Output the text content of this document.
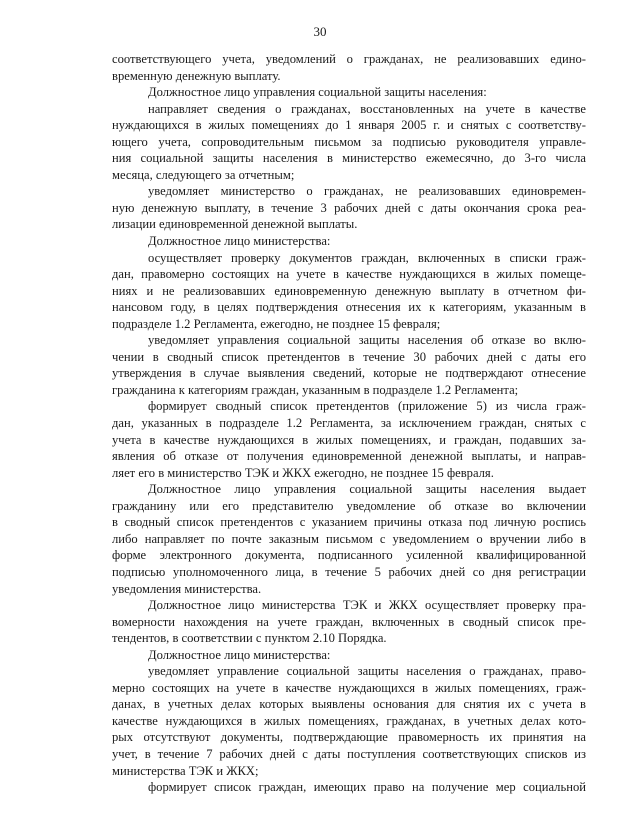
30
соответствующего учета, уведомлений о гражданах, не реализовавших едино-
временную денежную выплату.
Должностное лицо управления социальной защиты населения:
направляет сведения о гражданах, восстановленных на учете в качестве
нуждающихся в жилых помещениях до 1 января 2005 г. и снятых с соответству-
ющего учета, сопроводительным письмом за подписью руководителя управле-
ния социальной защиты населения в министерство ежемесячно, до 3-го числа
месяца, следующего за отчетным;
уведомляет министерство о гражданах, не реализовавших единовремен-
ную денежную выплату, в течение 3 рабочих дней с даты окончания срока реа-
лизации единовременной денежной выплаты.
Должностное лицо министерства:
осуществляет проверку документов граждан, включенных в списки граж-
дан, правомерно состоящих на учете в качестве нуждающихся в жилых помеще-
ниях и не реализовавших единовременную денежную выплату в отчетном фи-
нансовом году, в целях подтверждения отнесения их к категориям, указанным в
подразделе 1.2 Регламента, ежегодно, не позднее 15 февраля;
уведомляет управления социальной защиты населения об отказе во вклю-
чении в сводный список претендентов в течение 30 рабочих дней с даты его
утверждения в случае выявления сведений, которые не подтверждают отнесение
гражданина к категориям граждан, указанным в подразделе 1.2 Регламента;
формирует сводный список претендентов (приложение 5) из числа граж-
дан, указанных в подразделе 1.2 Регламента, за исключением граждан, снятых с
учета в качестве нуждающихся в жилых помещениях, и граждан, подавших за-
явления об отказе от получения единовременной денежной выплаты, и направ-
ляет его в министерство ТЭК и ЖКХ ежегодно, не позднее 15 февраля.
Должностное лицо управления социальной защиты населения выдает
гражданину или его представителю уведомление об отказе во включении
в сводный список претендентов с указанием причины отказа под личную роспись
либо направляет по почте заказным письмом с уведомлением о вручении либо в
форме электронного документа, подписанного усиленной квалифицированной
подписью уполномоченного лица, в течение 5 рабочих дней со дня регистрации
уведомления министерства.
Должностное лицо министерства ТЭК и ЖКХ осуществляет проверку пра-
вомерности нахождения на учете граждан, включенных в сводный список пре-
тендентов, в соответствии с пунктом 2.10 Порядка.
Должностное лицо министерства:
уведомляет управление социальной защиты населения о гражданах, право-
мерно состоящих на учете в качестве нуждающихся в жилых помещениях, граж-
данах, в учетных делах которых выявлены основания для снятия их с учета в
качестве нуждающихся в жилых помещениях, гражданах, в учетных делах кото-
рых отсутствуют документы, подтверждающие правомерность их принятия на
учет, в течение 7 рабочих дней с даты поступления соответствующих списков из
министерства ТЭК и ЖКХ;
формирует список граждан, имеющих право на получение мер социальной
